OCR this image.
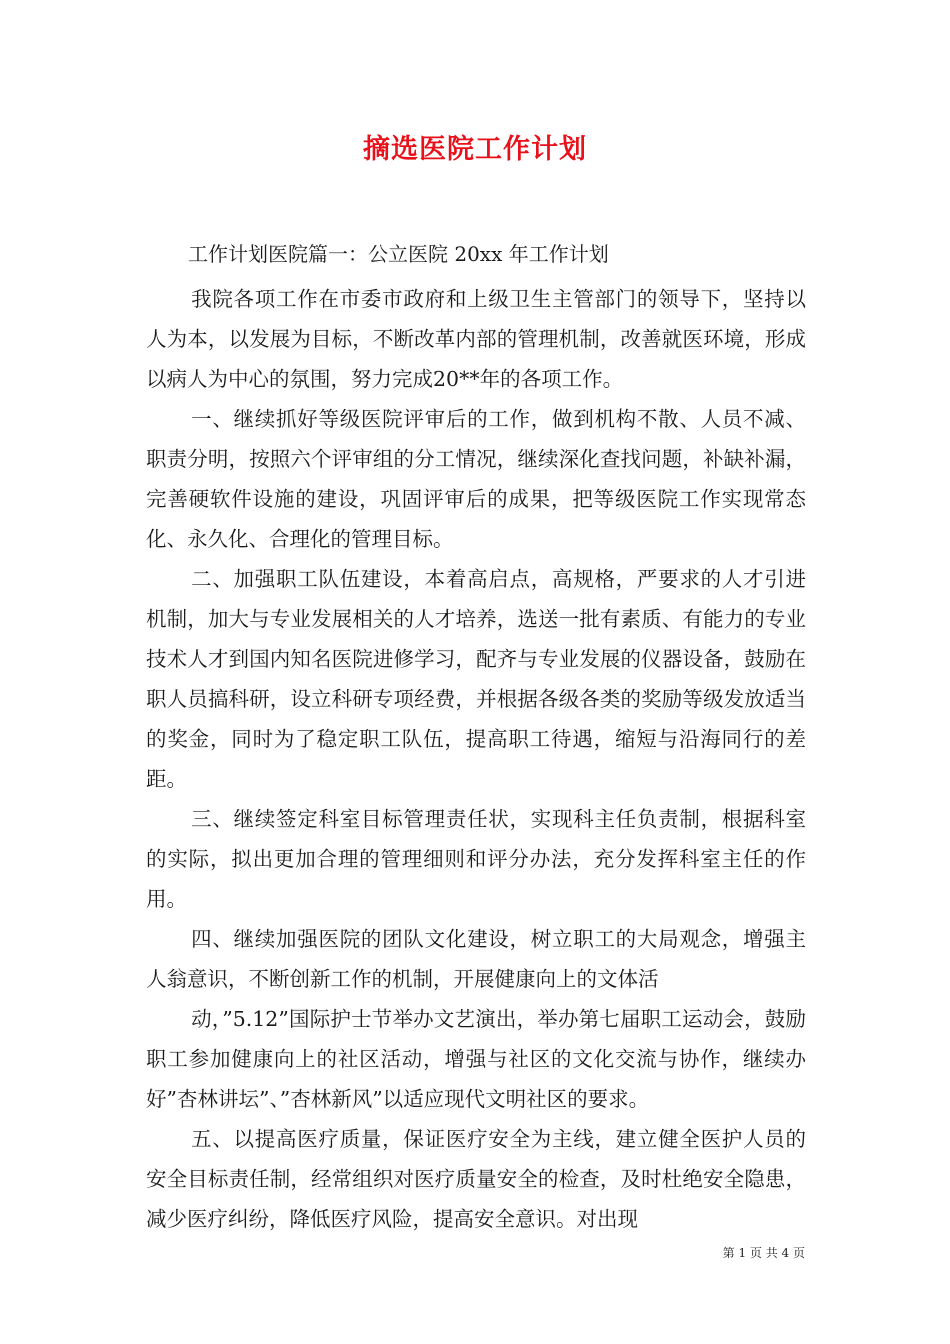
摘选医院工作计划
工作计划医院篇一：公立医院 20xx 年工作计划

我院各项工作在市委市政府和上级卫生主管部门的领导下，坚持以人为本，以发展为目标，不断改革内部的管理机制，改善就医环境，形成以病人为中心的氛围，努力完成20**年的各项工作。

一、继续抓好等级医院评审后的工作，做到机构不散、人员不减、职责分明，按照六个评审组的分工情况，继续深化查找问题，补缺补漏，完善硬软件设施的建设，巩固评审后的成果，把等级医院工作实现常态化、永久化、合理化的管理目标。

二、加强职工队伍建设，本着高启点，高规格，严要求的人才引进机制，加大与专业发展相关的人才培养，选送一批有素质、有能力的专业技术人才到国内知名医院进修学习，配齐与专业发展的仪器设备，鼓励在职人员搞科研，设立科研专项经费，并根据各级各类的奖励等级发放适当的奖金，同时为了稳定职工队伍，提高职工待遇，缩短与沿海同行的差距。

三、继续签定科室目标管理责任状，实现科主任负责制，根据科室的实际，拟出更加合理的管理细则和评分办法，充分发挥科室主任的作用。

四、继续加强医院的团队文化建设，树立职工的大局观念，增强主人翁意识，不断创新工作的机制，开展健康向上的文体活

动，”5.12”国际护士节举办文艺演出，举办第七届职工运动会，鼓励职工参加健康向上的社区活动，增强与社区的文化交流与协作，继续办好”杏林讲坛”、”杏林新风”以适应现代文明社区的要求。

五、以提高医疗质量，保证医疗安全为主线，建立健全医护人员的安全目标责任制，经常组织对医疗质量安全的检查，及时杜绝安全隐患，减少医疗纠纷，降低医疗风险，提高安全意识。对出现

第 1 页 共 4 页
